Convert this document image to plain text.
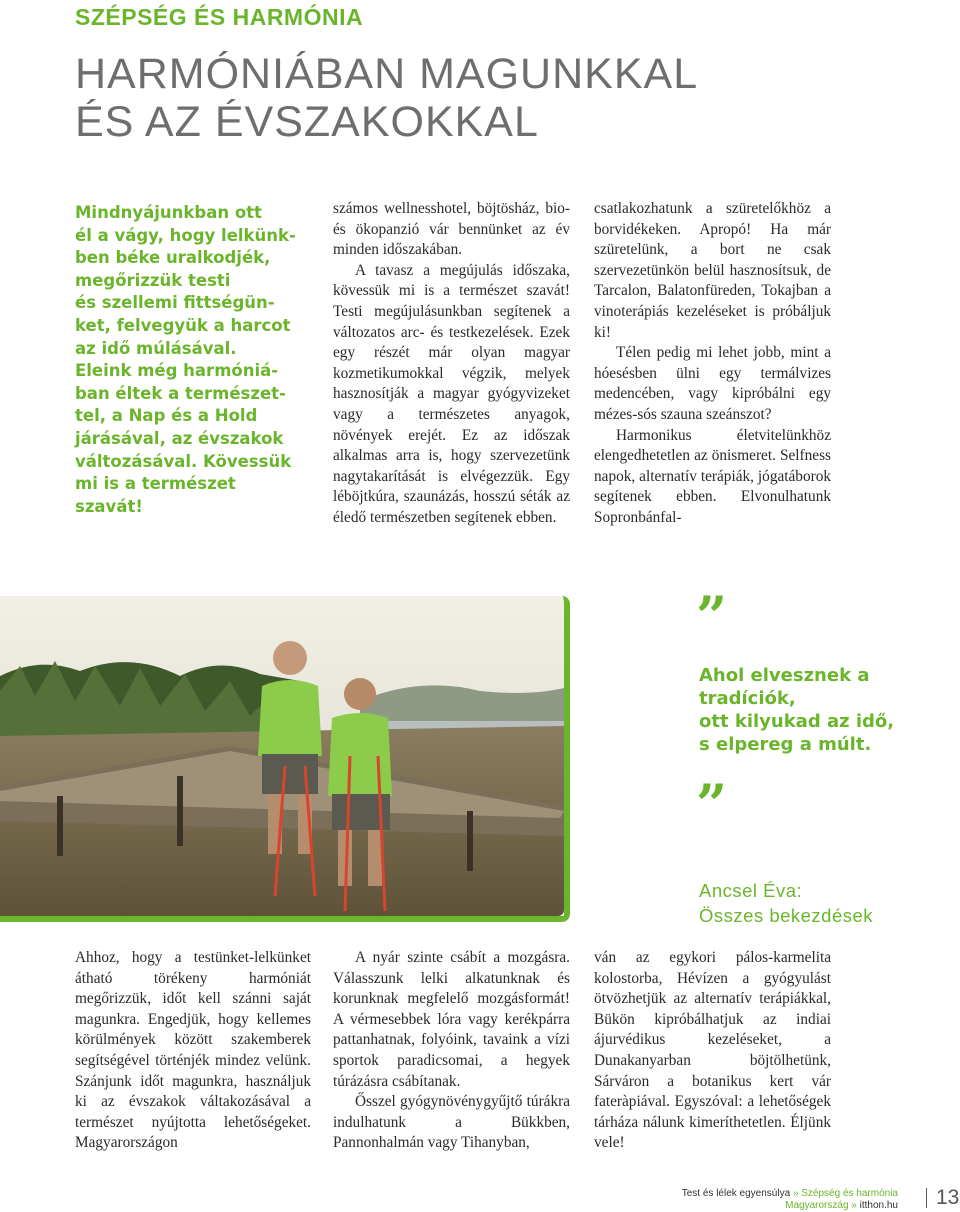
SZÉPSÉG ÉS HARMÓNIA
HARMÓNIÁBAN MAGUNKKAL
ÉS AZ ÉVSZAKOKKAL
Mindnyájunkban ott
él a vágy, hogy lelkünk-
ben béke uralkodjék,
megőrizzük testi
és szellemi fittségün-
ket, felvegyük a harcot
az idő múlásával.
Eleink még harmóniá-
ban éltek a természet-
tel, a Nap és a Hold
járásával, az évszakok
változásával. Kövessük
mi is a természet
szavát!

számos wellnesshotel, böjtösház, bio- és ökopanzió vár bennünket az év minden időszakában.

A tavasz a megújulás időszaka, kövessük mi is a természet szavát! Testi megújulásunkban segítenek a változatos arc- és testkezelések. Ezek egy részét már olyan magyar kozmetikumokkal végzik, melyek hasznosítják a magyar gyógyvizeket vagy a természetes anyagok, növények erejét. Ez az időszak alkalmas arra is, hogy szervezetünk nagytakarítását is elvégezzük. Egy léböjtkúra, szaunázás, hosszú séták az éledő természetben segítenek ebben.

csatlakozhatunk a szüretelőkhöz a borvidékeken. Apropó! Ha már szüretelünk, a bort ne csak szervezetünkön belül hasznosítsuk, de Tarcalon, Balatonfüreden, Tokajban a vinoterápiás kezeléseket is próbáljuk ki!

Télen pedig mi lehet jobb, mint a hóesésben ülni egy termálvizes medencében, vagy kipróbálni egy mézes-sós szauna szeánszot?

Harmonikus életvitelünkhöz elengedhetetlen az önismeret. Selfness napok, alternatív terápiák, jógatáborok segítenek ebben. Elvonulhatunk Sopronbánfal-

”
Ahol elvesznek a tradíciók,
ott kilyukad az idő,
s elpereg a múlt.
”
Ancsel Éva:
Összes bekezdések

Ahhoz, hogy a testünket-lelkünket átható törékeny harmóniát megőrizzük, időt kell szánni saját magunkra. Engedjük, hogy kellemes körülmények között szakemberek segítségével történjék mindez velünk. Szánjunk időt magunkra, használjuk ki az évszakok váltakozásával a természet nyújtotta lehetőségeket. Magyarországon

A nyár szinte csábít a mozgásra. Válasszunk lelki alkatunknak és korunknak megfelelő mozgásformát! A vérmesebbek lóra vagy kerékpárra pattanhatnak, folyóink, tavaink a vízi sportok paradicsomai, a hegyek túrázásra csábítanak.

Ősszel gyógynövénygyűjtő túrákra indulhatunk a Bükkben, Pannonhalmán vagy Tihanyban,

ván az egykori pálos-karmelita kolostorba, Hévízen a gyógyulást ötvözhetjük az alternatív terápiákkal, Bükön kipróbálhatjuk az indiai ájurvédikus kezeléseket, a Dunakanyarban böjtölhetünk, Sárváron a botanikus kert vár fateràpiával. Egyszóval: a lehetőségek tárháza nálunk kimeríthetetlen. Éljünk vele!

Test és lélek egyensúlya » Szépség és harmónia
Magyarország » itthon.hu 13
